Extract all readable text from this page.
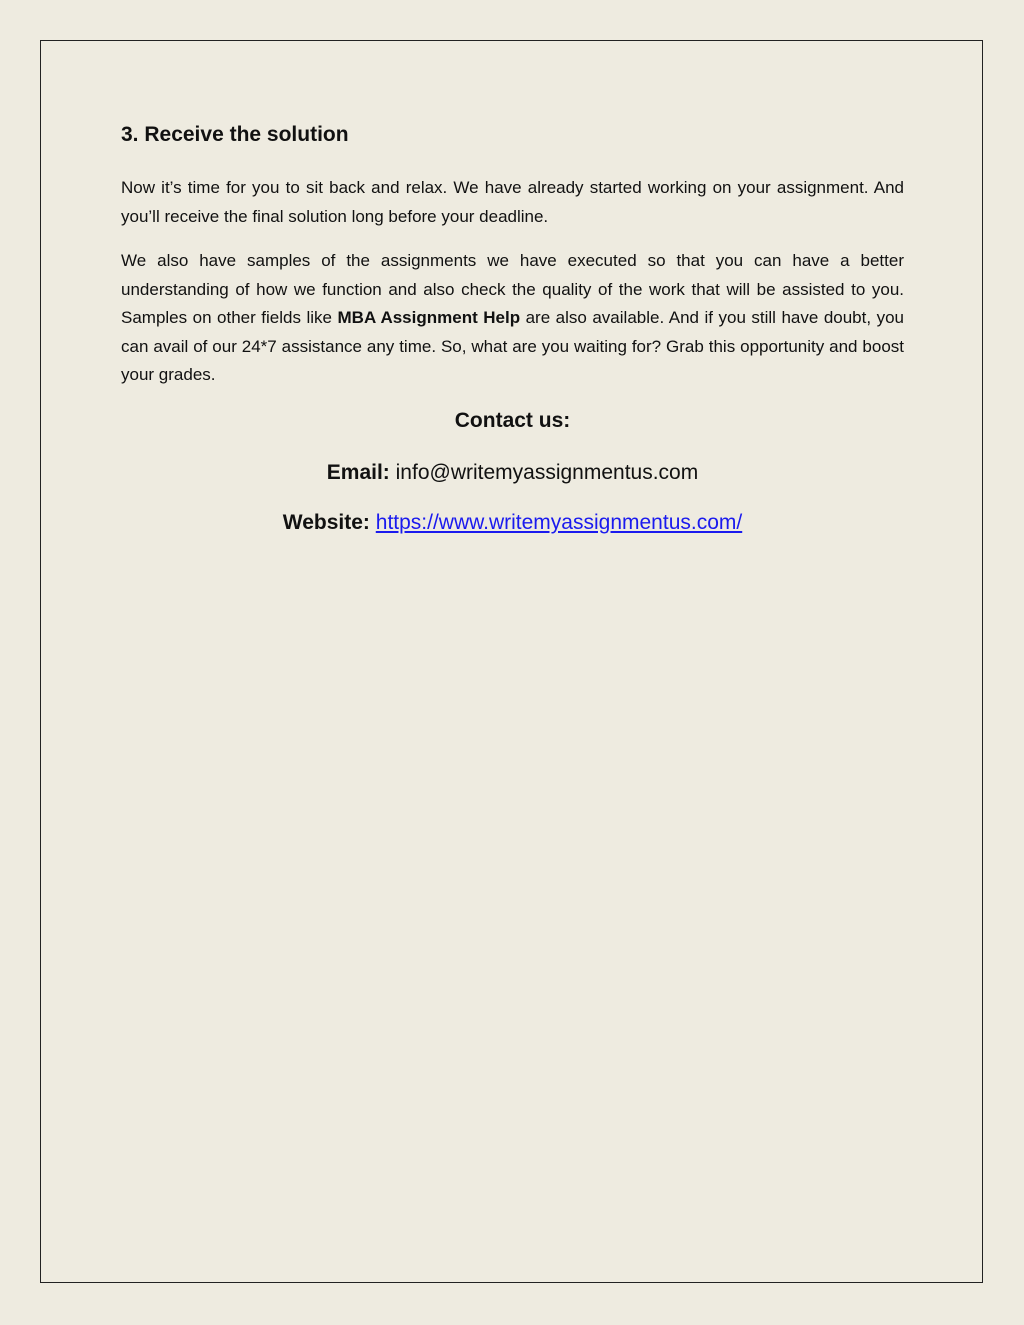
3. Receive the solution

Now it’s time for you to sit back and relax. We have already started working on your assignment. And you’ll receive the final solution long before your deadline.

We also have samples of the assignments we have executed so that you can have a better understanding of how we function and also check the quality of the work that will be assisted to you. Samples on other fields like MBA Assignment Help are also available. And if you still have doubt, you can avail of our 24*7 assistance any time. So, what are you waiting for? Grab this opportunity and boost your grades.

Contact us:
Email: info@writemyassignmentus.com
Website: https://www.writemyassignmentus.com/
